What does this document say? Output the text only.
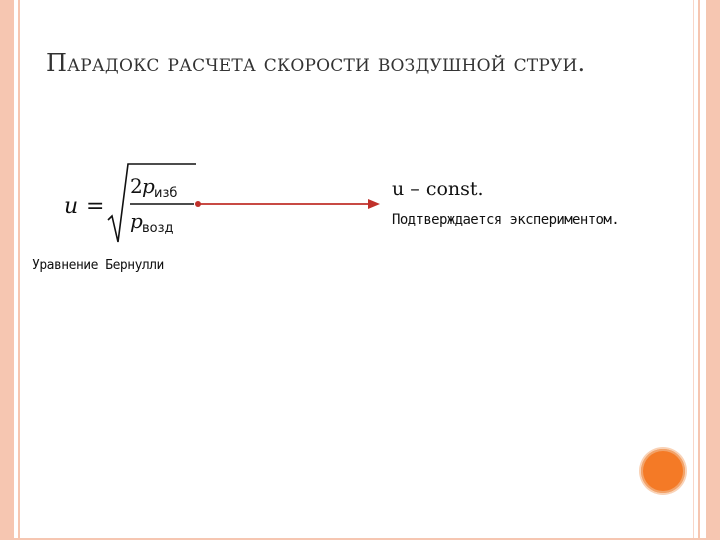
Парадокс расчета скорости воздушной струи.
u =
2 p изб
p возд
u – const.
Подтверждается экспериментом.
Уравнение Бернулли
